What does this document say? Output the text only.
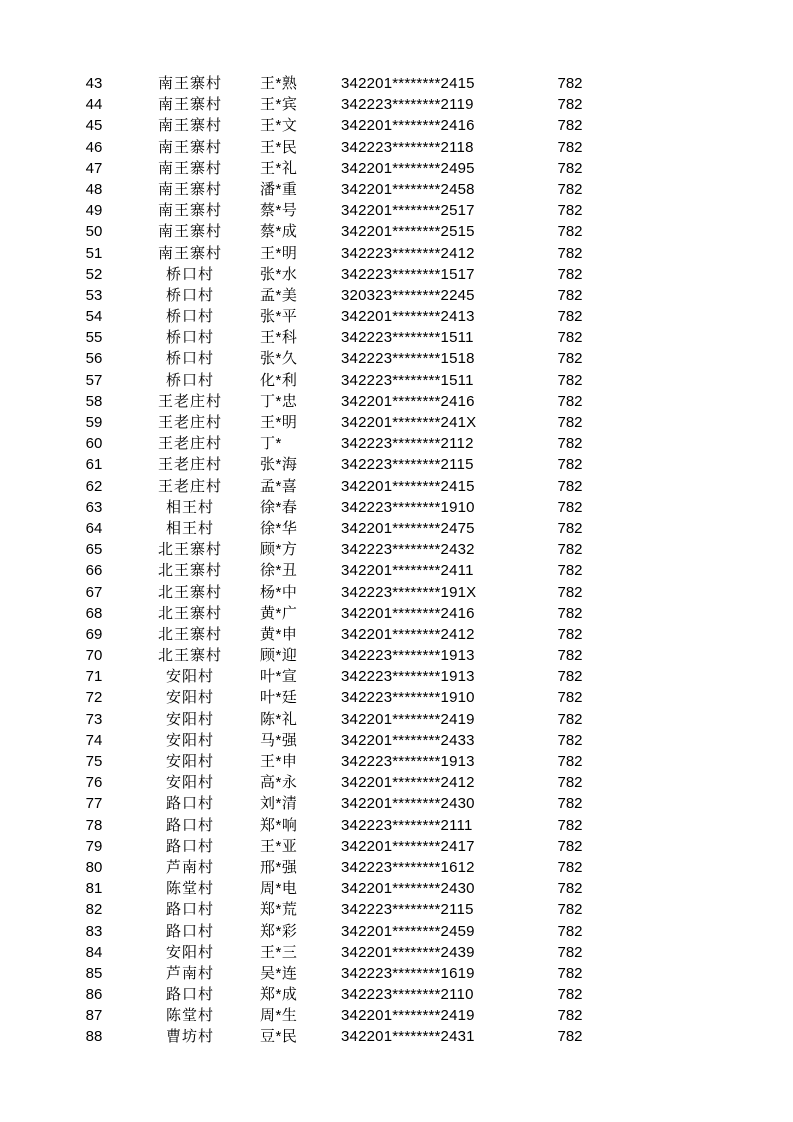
43	南王寨村	王*熟	342201********2415	782
44	南王寨村	王*宾	342223********2119	782
45	南王寨村	王*文	342201********2416	782
46	南王寨村	王*民	342223********2118	782
47	南王寨村	王*礼	342201********2495	782
48	南王寨村	潘*重	342201********2458	782
49	南王寨村	蔡*号	342201********2517	782
50	南王寨村	蔡*成	342201********2515	782
51	南王寨村	王*明	342223********2412	782
52	桥口村	张*水	342223********1517	782
53	桥口村	孟*美	320323********2245	782
54	桥口村	张*平	342201********2413	782
55	桥口村	王*科	342223********1511	782
56	桥口村	张*久	342223********1518	782
57	桥口村	化*利	342223********1511	782
58	王老庄村	丁*忠	342201********2416	782
59	王老庄村	王*明	342201********241X	782
60	王老庄村	丁*	342223********2112	782
61	王老庄村	张*海	342223********2115	782
62	王老庄村	孟*喜	342201********2415	782
63	相王村	徐*春	342223********1910	782
64	相王村	徐*华	342201********2475	782
65	北王寨村	顾*方	342223********2432	782
66	北王寨村	徐*丑	342201********2411	782
67	北王寨村	杨*中	342223********191X	782
68	北王寨村	黄*广	342201********2416	782
69	北王寨村	黄*申	342201********2412	782
70	北王寨村	顾*迎	342223********1913	782
71	安阳村	叶*宣	342223********1913	782
72	安阳村	叶*廷	342223********1910	782
73	安阳村	陈*礼	342201********2419	782
74	安阳村	马*强	342201********2433	782
75	安阳村	王*申	342223********1913	782
76	安阳村	高*永	342201********2412	782
77	路口村	刘*清	342201********2430	782
78	路口村	郑*响	342223********2111	782
79	路口村	王*亚	342201********2417	782
80	芦南村	邢*强	342223********1612	782
81	陈堂村	周*电	342201********2430	782
82	路口村	郑*荒	342223********2115	782
83	路口村	郑*彩	342201********2459	782
84	安阳村	王*三	342201********2439	782
85	芦南村	吴*连	342223********1619	782
86	路口村	郑*成	342223********2110	782
87	陈堂村	周*生	342201********2419	782
88	曹坊村	豆*民	342201********2431	782
